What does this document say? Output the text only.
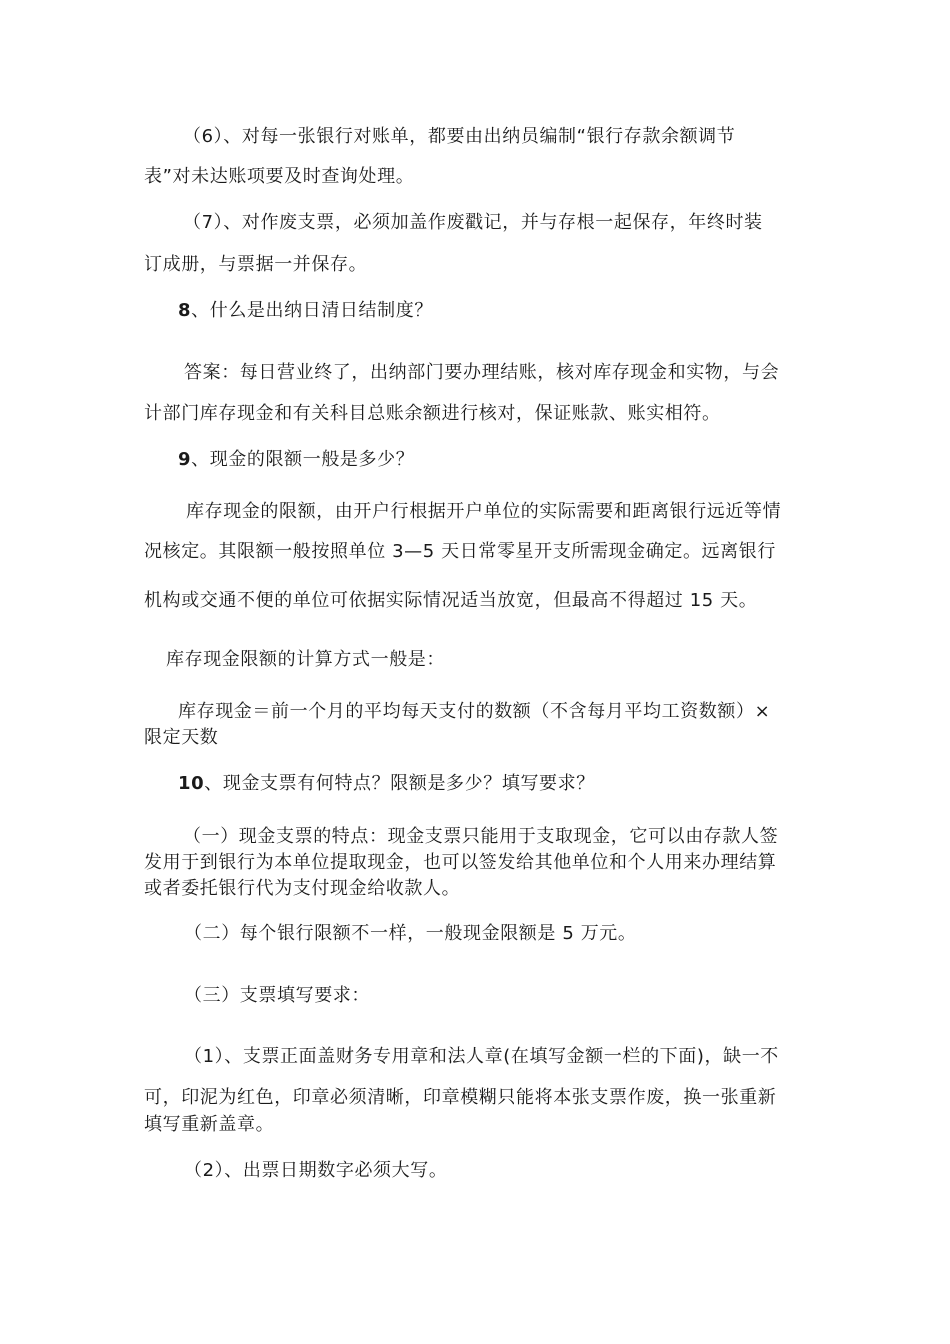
（6）、对每一张银行对账单，都要由出纳员编制“银行存款余额调节
表”对未达账项要及时查询处理。
（7）、对作废支票，必须加盖作废戳记，并与存根一起保存，年终时装
订成册，与票据一并保存。
8、什么是出纳日清日结制度？
答案：每日营业终了，出纳部门要办理结账，核对库存现金和实物，与会
计部门库存现金和有关科目总账余额进行核对，保证账款、账实相符。
9、现金的限额一般是多少？
库存现金的限额，由开户行根据开户单位的实际需要和距离银行远近等情
况核定。其限额一般按照单位 3—5 天日常零星开支所需现金确定。远离银行
机构或交通不便的单位可依据实际情况适当放宽，但最高不得超过 15 天。
库存现金限额的计算方式一般是：
库存现金＝前一个月的平均每天支付的数额（不含每月平均工资数额）×
限定天数
10、现金支票有何特点？限额是多少？填写要求？
（一）现金支票的特点：现金支票只能用于支取现金，它可以由存款人签
发用于到银行为本单位提取现金，也可以签发给其他单位和个人用来办理结算
或者委托银行代为支付现金给收款人。
（二）每个银行限额不一样，一般现金限额是 5 万元。
（三）支票填写要求：
（1）、支票正面盖财务专用章和法人章(在填写金额一栏的下面)，缺一不
可，印泥为红色，印章必须清晰，印章模糊只能将本张支票作废，换一张重新
填写重新盖章。
（2）、出票日期数字必须大写。
